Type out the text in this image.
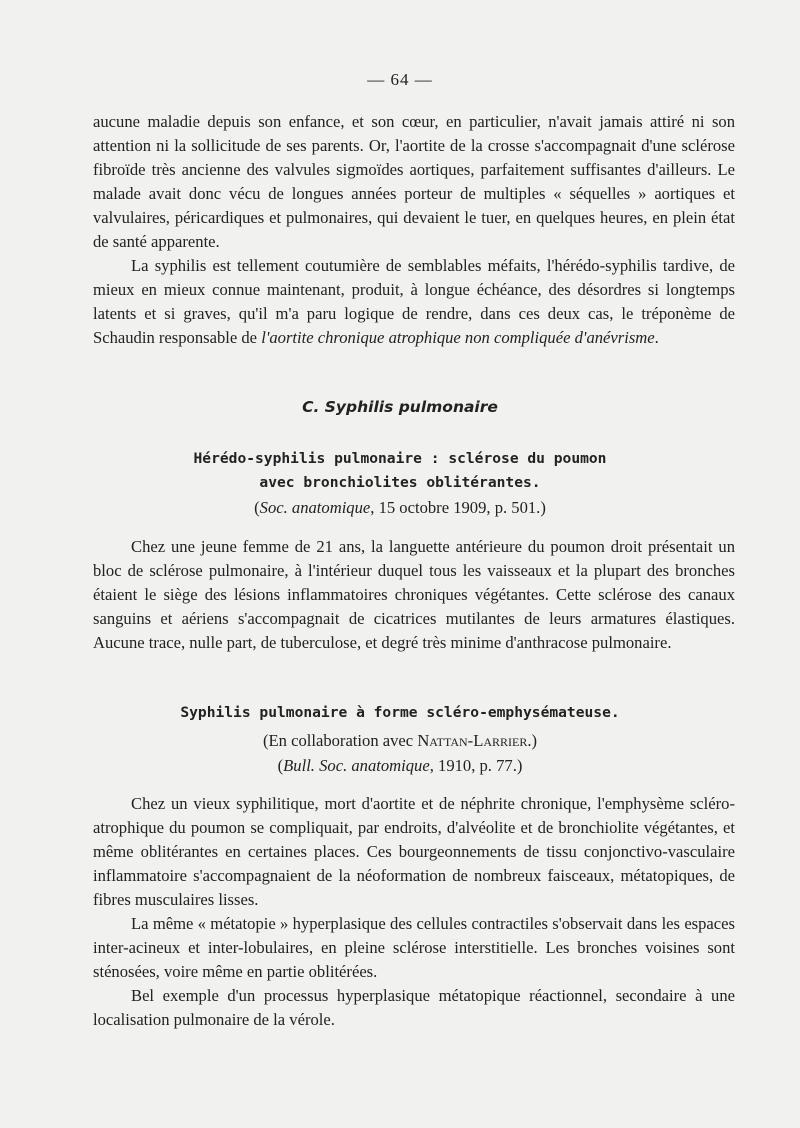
— 64 —

aucune maladie depuis son enfance, et son cœur, en particulier, n'avait jamais attiré ni son attention ni la sollicitude de ses parents. Or, l'aortite de la crosse s'accompagnait d'une sclérose fibroïde très ancienne des valvules sigmoïdes aortiques, parfaitement suffisantes d'ailleurs. Le malade avait donc vécu de longues années porteur de multiples « séquelles » aortiques et valvulaires, péricardiques et pulmonaires, qui devaient le tuer, en quelques heures, en plein état de santé apparente.

La syphilis est tellement coutumière de semblables méfaits, l'hérédo-syphilis tardive, de mieux en mieux connue maintenant, produit, à longue échéance, des désordres si longtemps latents et si graves, qu'il m'a paru logique de rendre, dans ces deux cas, le tréponème de Schaudin responsable de l'aortite chronique atrophique non compliquée d'anévrisme.

C. Syphilis pulmonaire
Hérédo-syphilis pulmonaire : sclérose du poumon
avec bronchiolites oblitérantes.
(Soc. anatomique, 15 octobre 1909, p. 501.)

Chez une jeune femme de 21 ans, la languette antérieure du poumon droit présentait un bloc de sclérose pulmonaire, à l'intérieur duquel tous les vaisseaux et la plupart des bronches étaient le siège des lésions inflammatoires chroniques végétantes. Cette sclérose des canaux sanguins et aériens s'accompagnait de cicatrices mutilantes de leurs armatures élastiques. Aucune trace, nulle part, de tuberculose, et degré très minime d'anthracose pulmonaire.

Syphilis pulmonaire à forme scléro-emphysémateuse.
(En collaboration avec Nattan-Larrier.)
(Bull. Soc. anatomique, 1910, p. 77.)

Chez un vieux syphilitique, mort d'aortite et de néphrite chronique, l'emphysème scléro-atrophique du poumon se compliquait, par endroits, d'alvéolite et de bronchiolite végétantes, et même oblitérantes en certaines places. Ces bourgeonnements de tissu conjonctivo-vasculaire inflammatoire s'accompagnaient de la néoformation de nombreux faisceaux, métatopiques, de fibres musculaires lisses.

La même « métatopie » hyperplasique des cellules contractiles s'observait dans les espaces inter-acineux et inter-lobulaires, en pleine sclérose interstitielle. Les bronches voisines sont sténosées, voire même en partie oblitérées.

Bel exemple d'un processus hyperplasique métatopique réactionnel, secondaire à une localisation pulmonaire de la vérole.
